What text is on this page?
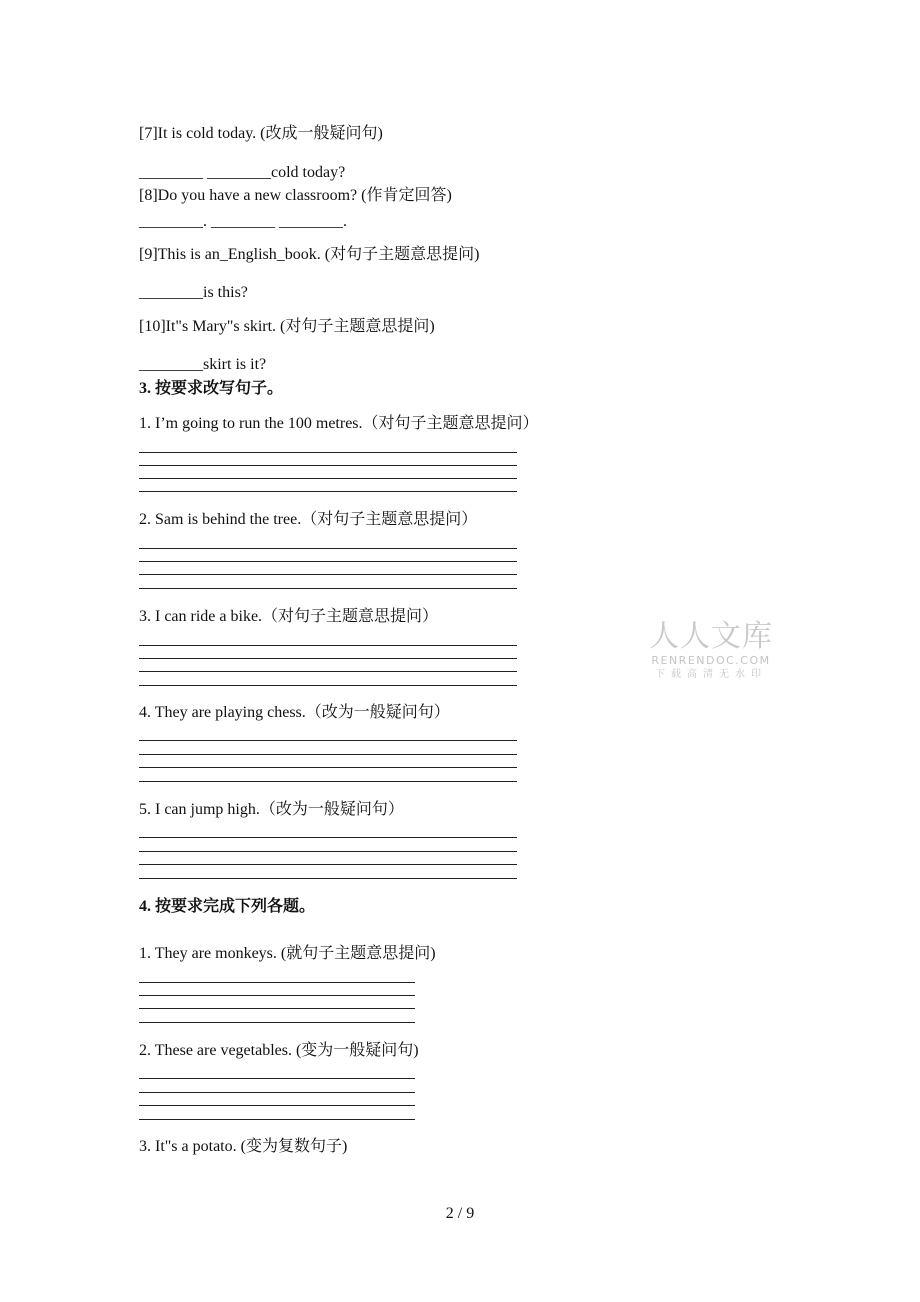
[7]It is cold today. (改成一般疑问句)
________ ________cold today?
[8]Do you have a new classroom? (作肯定回答)
________. ________ ________.
[9]This is an_English_book. (对句子主题意思提问)
________is this?
[10]It"s Mary"s skirt. (对句子主题意思提问)
________skirt is it?
3. 按要求改写句子。
1. I’m going to run the 100 metres.（对句子主题意思提问）
2. Sam is behind the tree.（对句子主题意思提问）
3. I can ride a bike.（对句子主题意思提问）
4. They are playing chess.（改为一般疑问句）
5. I can jump high.（改为一般疑问句）
4. 按要求完成下列各题。
1. They are monkeys. (就句子主题意思提问)
2. These are vegetables. (变为一般疑问句)
3. It"s a potato. (变为复数句子)
人人文库
RENRENDOC.COM
下载高清无水印
2 / 9
